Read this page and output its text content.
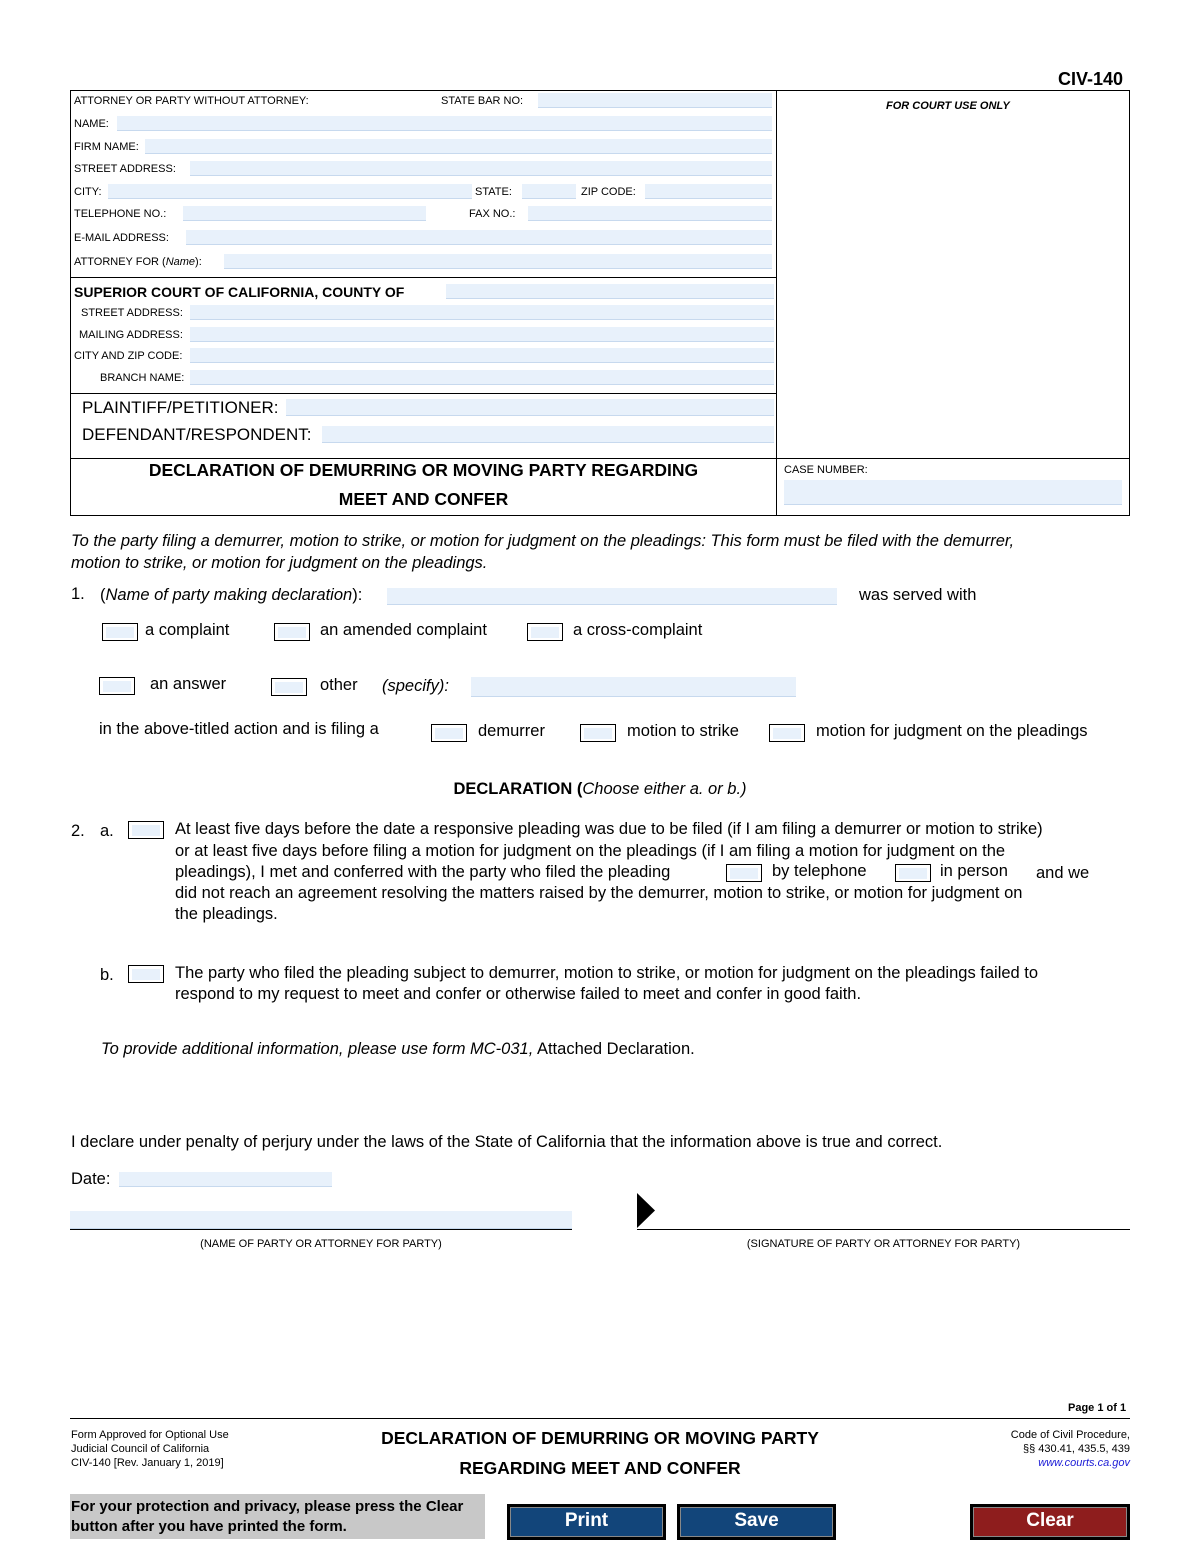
CIV-140
ATTORNEY OR PARTY WITHOUT ATTORNEY:	STATE BAR NO:
NAME:
FIRM NAME:
STREET ADDRESS:
CITY:	STATE:	ZIP CODE:
TELEPHONE NO.:	FAX NO.:
E-MAIL ADDRESS:
ATTORNEY FOR (Name):
FOR COURT USE ONLY
SUPERIOR COURT OF CALIFORNIA, COUNTY OF
STREET ADDRESS:
MAILING ADDRESS:
CITY AND ZIP CODE:
BRANCH NAME:
PLAINTIFF/PETITIONER:
DEFENDANT/RESPONDENT:
DECLARATION OF DEMURRING OR MOVING PARTY REGARDING
MEET AND CONFER
CASE NUMBER:
To the party filing a demurrer, motion to strike, or motion for judgment on the pleadings: This form must be filed with the demurrer,
motion to strike, or motion for judgment on the pleadings.
1. (Name of party making declaration):	was served with
a complaint	an amended complaint	a cross-complaint
an answer	other (specify):
in the above-titled action and is filing a	demurrer	motion to strike	motion for judgment on the pleadings
DECLARATION (Choose either a. or b.)
2. a.	At least five days before the date a responsive pleading was due to be filed (if I am filing a demurrer or motion to strike)
or at least five days before filing a motion for judgment on the pleadings (if I am filing a motion for judgment on the
pleadings), I met and conferred with the party who filed the pleading	by telephone	in person and we
did not reach an agreement resolving the matters raised by the demurrer, motion to strike, or motion for judgment on
the pleadings.
b.	The party who filed the pleading subject to demurrer, motion to strike, or motion for judgment on the pleadings failed to
respond to my request to meet and confer or otherwise failed to meet and confer in good faith.
To provide additional information, please use form MC-031, Attached Declaration.
I declare under penalty of perjury under the laws of the State of California that the information above is true and correct.
Date:
(NAME OF PARTY OR ATTORNEY FOR PARTY)	(SIGNATURE OF PARTY OR ATTORNEY FOR PARTY)
Page 1 of 1
Form Approved for Optional Use
Judicial Council of California
CIV-140 [Rev. January 1, 2019]
DECLARATION OF DEMURRING OR MOVING PARTY
REGARDING MEET AND CONFER
Code of Civil Procedure,
§§ 430.41, 435.5, 439
www.courts.ca.gov
For your protection and privacy, please press the Clear
button after you have printed the form.	Print	Save	Clear
